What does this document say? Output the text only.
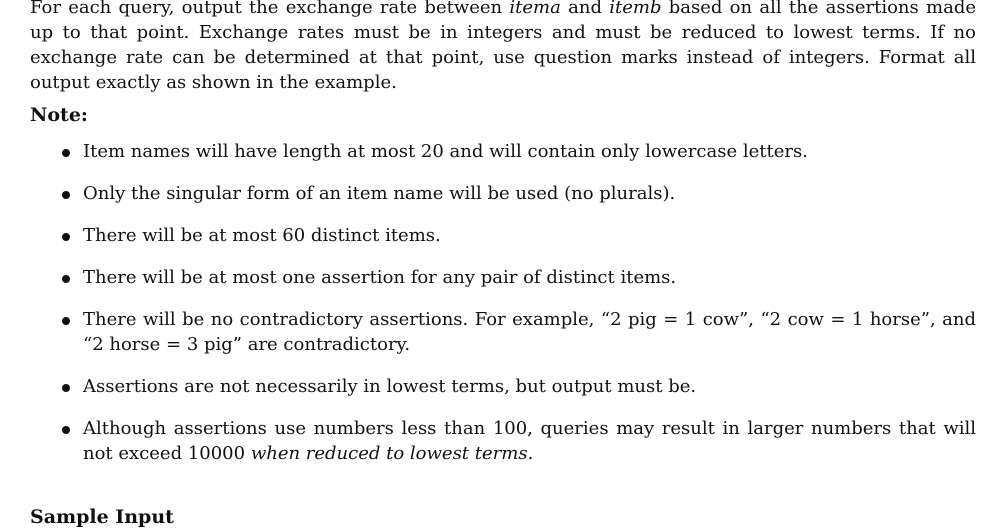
For each query, output the exchange rate between itema and itemb based on all the assertions made up to that point. Exchange rates must be in integers and must be reduced to lowest terms. If no exchange rate can be determined at that point, use question marks instead of integers. Format all output exactly as shown in the example.

Note:
Item names will have length at most 20 and will contain only lowercase letters.
Only the singular form of an item name will be used (no plurals).
There will be at most 60 distinct items.
There will be at most one assertion for any pair of distinct items.
There will be no contradictory assertions. For example, “2 pig = 1 cow”, “2 cow = 1 horse”, and “2 horse = 3 pig” are contradictory.
Assertions are not necessarily in lowest terms, but output must be.
Although assertions use numbers less than 100, queries may result in larger numbers that will not exceed 10000 when reduced to lowest terms.
Sample Input
